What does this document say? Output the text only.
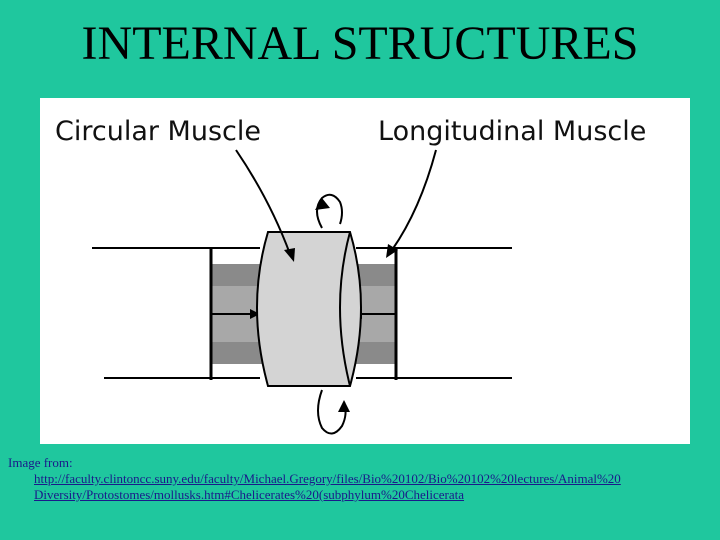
INTERNAL STRUCTURES
Circular Muscle	Longitudinal Muscle
Image from:
http://faculty.clintoncc.suny.edu/faculty/Michael.Gregory/files/Bio%20102/Bio%20102%20lectures/Animal%20
Diversity/Protostomes/mollusks.htm#Chelicerates%20(subphylum%20Chelicerata
